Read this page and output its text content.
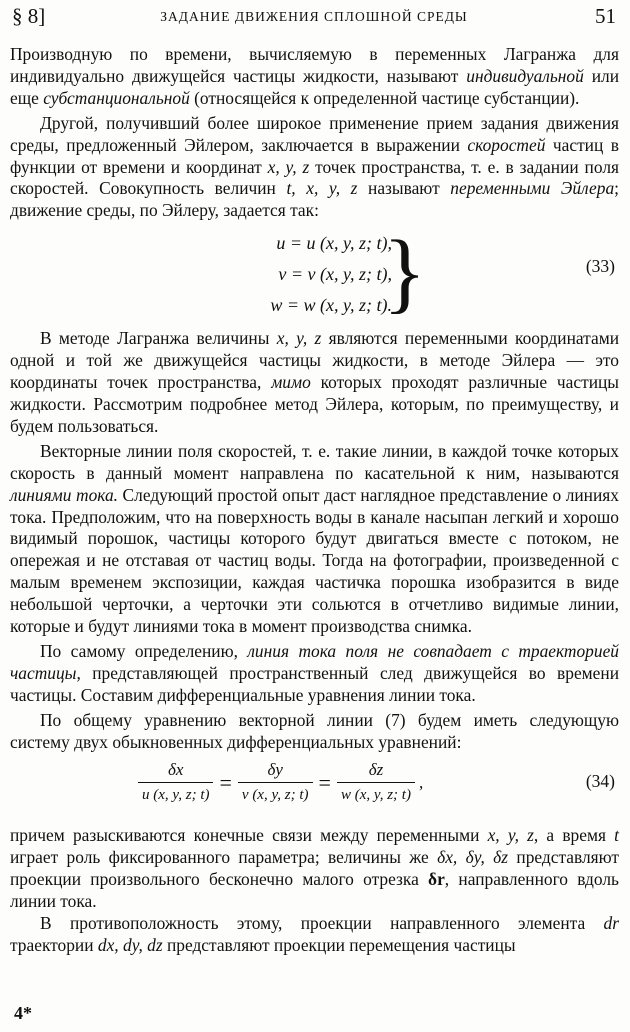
§ 8]	ЗАДАНИЕ ДВИЖЕНИЯ СПЛОШНОЙ СРЕДЫ	51

Производную по времени, вычисляемую в переменных Лагранжа для индивидуально движущейся частицы жидкости, называют индивидуальной или еще субстанциональной (относящейся к определенной частице субстанции).

Другой, получивший более широкое применение прием задания движения среды, предложенный Эйлером, заключается в выражении скоростей частиц в функции от времени и координат x, y, z точек пространства, т. е. в задании поля скоростей. Совокупность величин t, x, y, z называют переменными Эйлера; движение среды, по Эйлеру, задается так:

u = u (x, y, z; t),
v = v (x, y, z; t),
w = w (x, y, z; t).
}	(33)

В методе Лагранжа величины x, y, z являются переменными координатами одной и той же движущейся частицы жидкости, в методе Эйлера — это координаты точек пространства, мимо которых проходят различные частицы жидкости. Рассмотрим подробнее метод Эйлера, которым, по преимуществу, и будем пользоваться.

Векторные линии поля скоростей, т. е. такие линии, в каждой точке которых скорость в данный момент направлена по касательной к ним, называются линиями тока. Следующий простой опыт даст наглядное представление о линиях тока. Предположим, что на поверхность воды в канале насыпан легкий и хорошо видимый порошок, частицы которого будут двигаться вместе с потоком, не опережая и не отставая от частиц воды. Тогда на фотографии, произведенной с малым временем экспозиции, каждая частичка порошка изобразится в виде небольшой черточки, а черточки эти сольются в отчетливо видимые линии, которые и будут линиями тока в момент производства снимка.

По самому определению, линия тока поля не совпадает с траекторией частицы, представляющей пространственный след движущейся во времени частицы. Составим дифференциальные уравнения линии тока.

По общему уравнению векторной линии (7) будем иметь следующую систему двух обыкновенных дифференциальных уравнений:

$\frac{\delta x}{u (x, y, z; t)} = \frac{\delta y}{v (x, y, z; t)} = \frac{\delta z}{w (x, y, z; t)}$ ,	(34)

причем разыскиваются конечные связи между переменными x, y, z, а время t играет роль фиксированного параметра; величины же δx, δy, δz представляют проекции произвольного бесконечно малого отрезка δr, направленного вдоль линии тока.

В противоположность этому, проекции направленного элемента dr траектории dx, dy, dz представляют проекции перемещения частицы

4*
